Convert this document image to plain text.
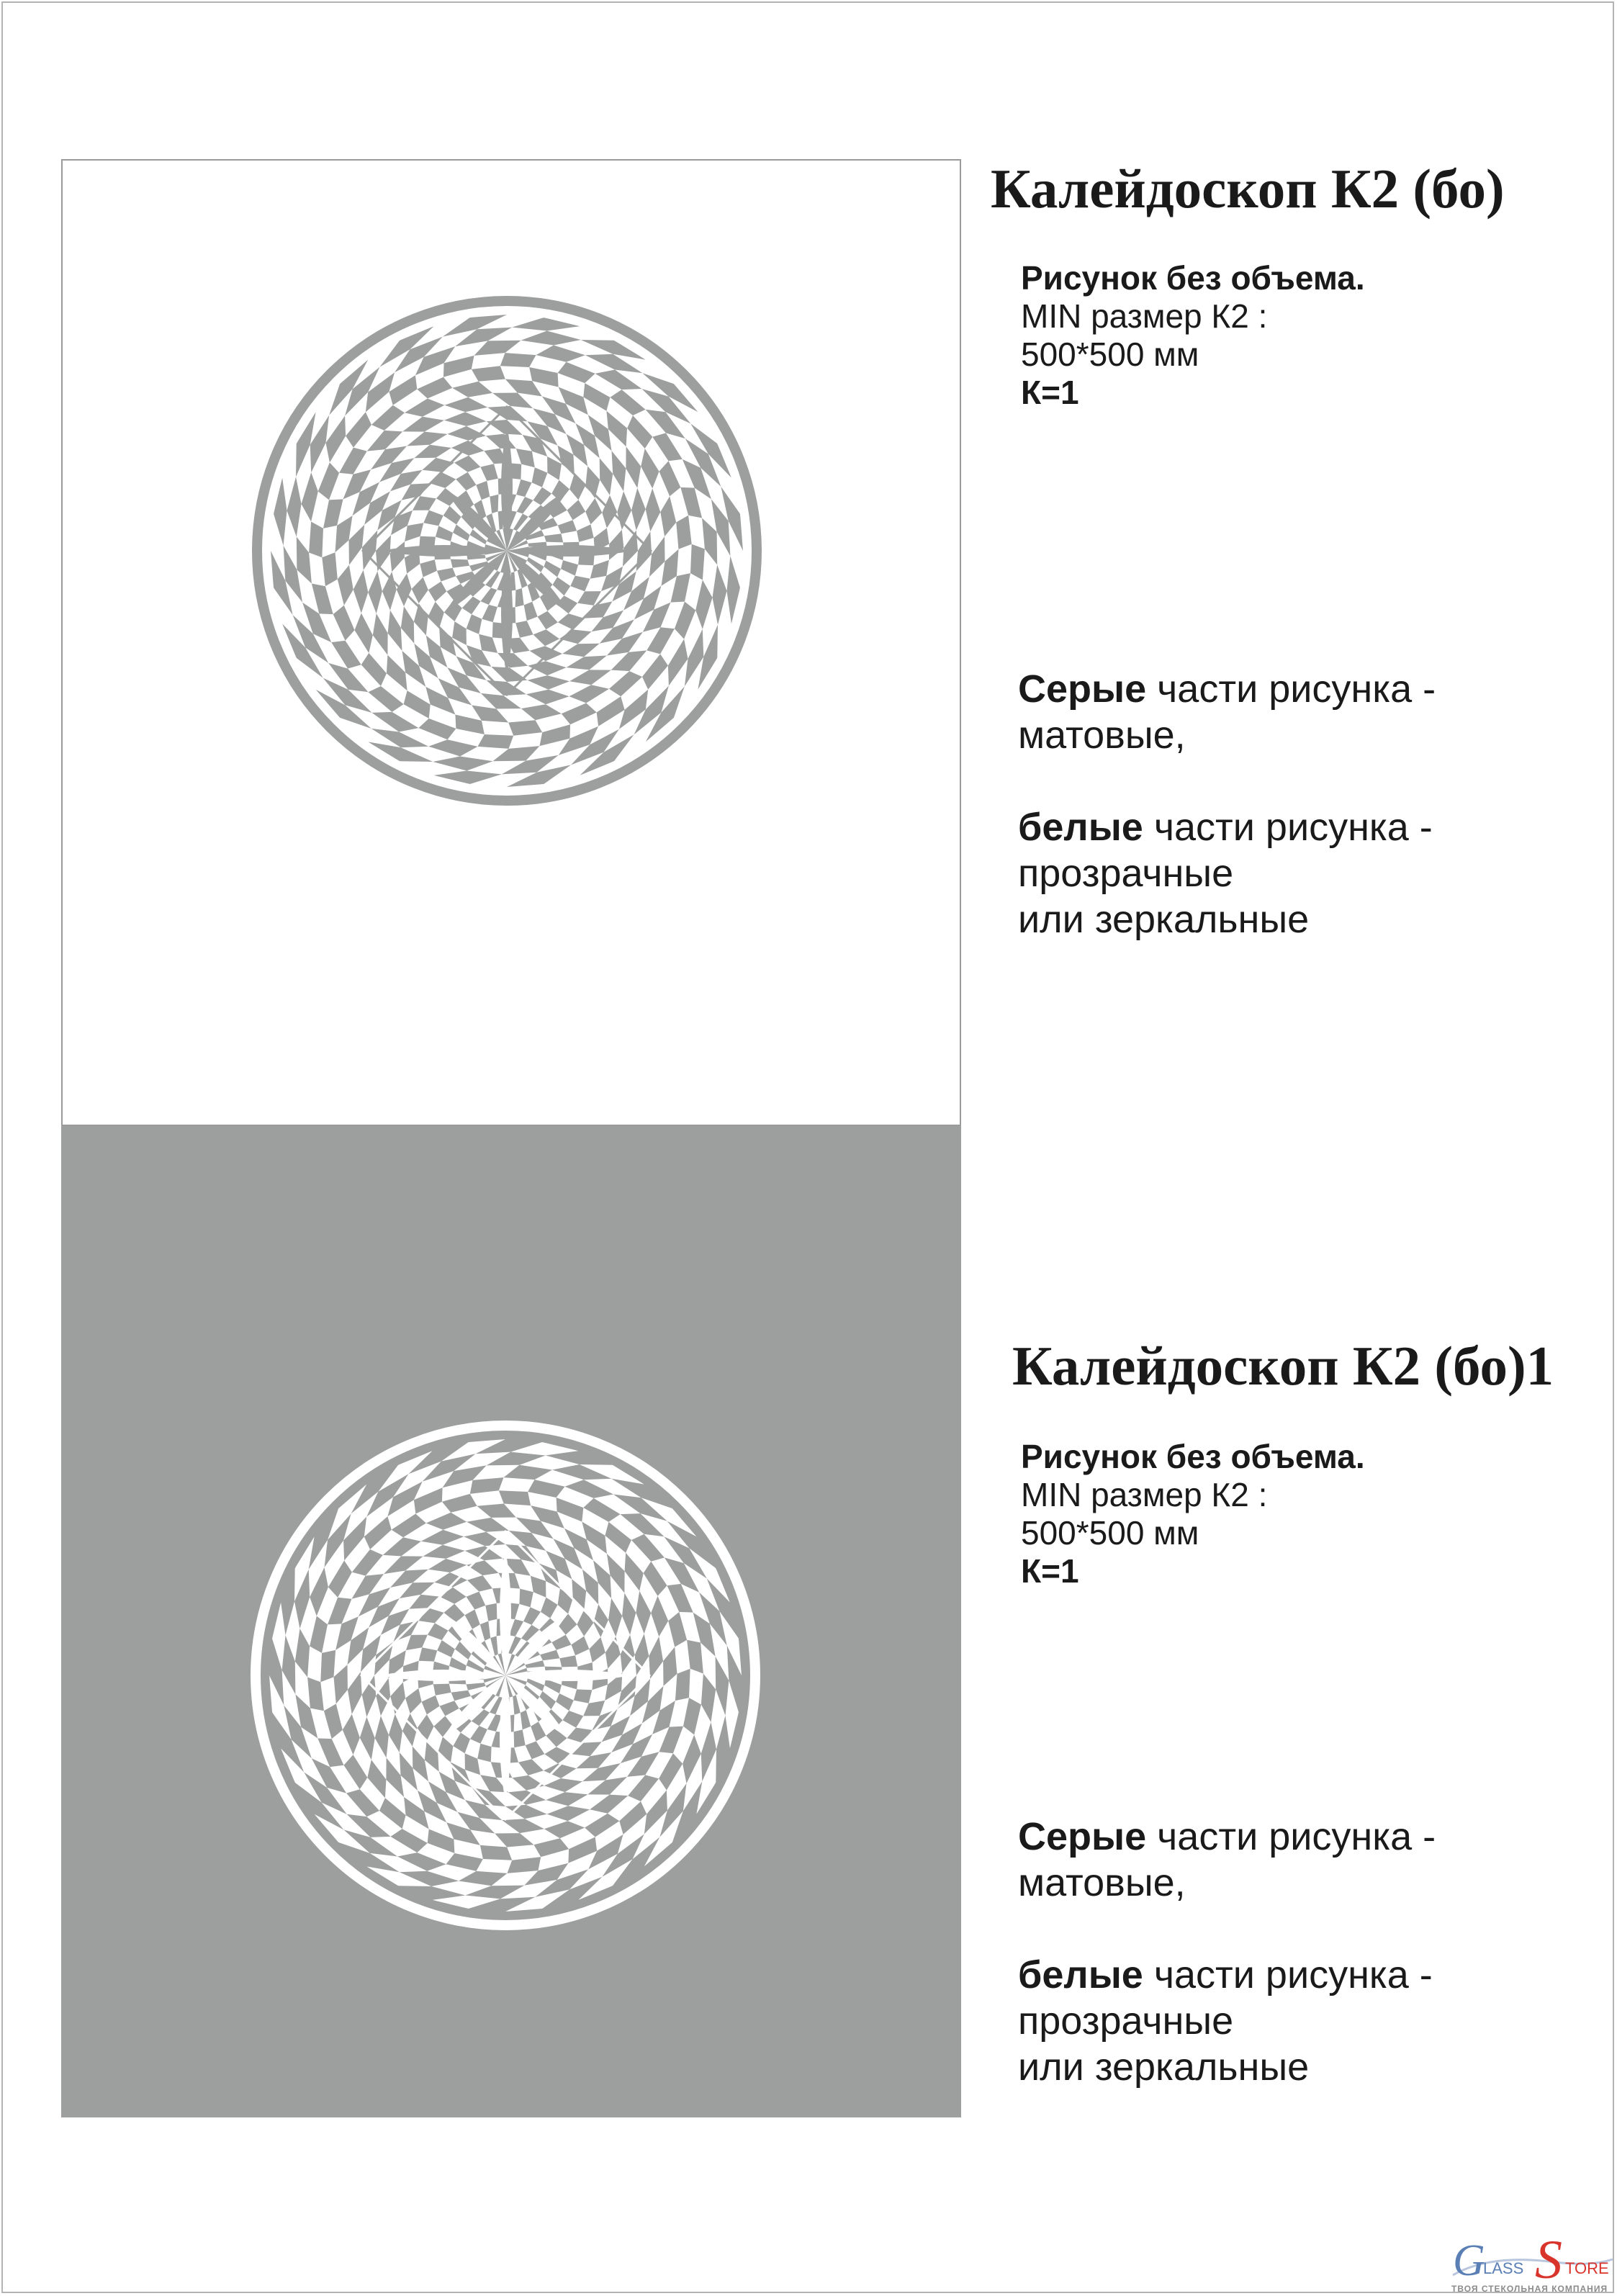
Калейдоскоп К2 (бо)
Рисунок без объема.
MIN размер К2 :
500*500 мм
К=1

Серые части рисунка -

матовые,

белые части рисунка -

прозрачные

или зеркальные

Калейдоскоп К2 (бо)1
Рисунок без объема.
MIN размер К2 :
500*500 мм
К=1

Серые части рисунка -

матовые,

белые части рисунка -

прозрачные

или зеркальные

G
LASS S TORE
ТВОЯ СТЕКОЛЬНАЯ КОМПАНИЯ
